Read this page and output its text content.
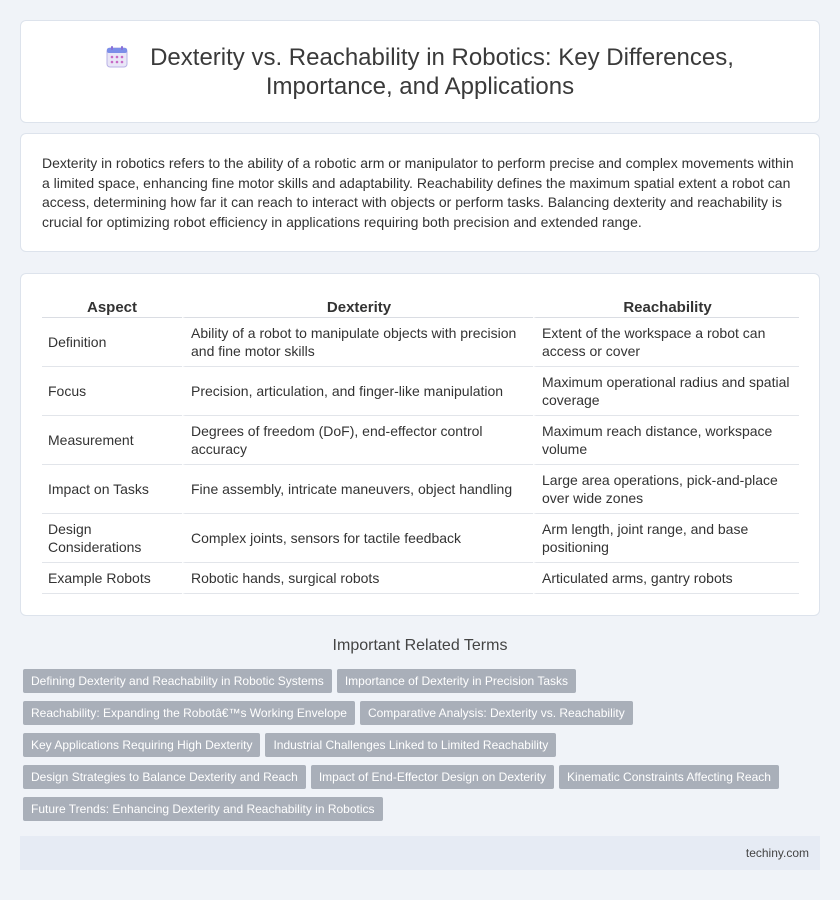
Dexterity vs. Reachability in Robotics: Key Differences,
Importance, and Applications

Dexterity in robotics refers to the ability of a robotic arm or manipulator to perform precise and complex movements within a limited space, enhancing fine motor skills and adaptability. Reachability defines the maximum spatial extent a robot can access, determining how far it can reach to interact with objects or perform tasks. Balancing dexterity and reachability is crucial for optimizing robot efficiency in applications requiring both precision and extended range.

Aspect	Dexterity	Reachability
Definition	Ability of a robot to manipulate objects with precision and fine motor skills	Extent of the workspace a robot can access or cover
Focus	Precision, articulation, and finger-like manipulation	Maximum operational radius and spatial coverage
Measurement	Degrees of freedom (DoF), end-effector control accuracy	Maximum reach distance, workspace volume
Impact on Tasks	Fine assembly, intricate maneuvers, object handling	Large area operations, pick-and-place over wide zones
Design Considerations	Complex joints, sensors for tactile feedback	Arm length, joint range, and base positioning
Example Robots	Robotic hands, surgical robots	Articulated arms, gantry robots
Important Related Terms
Defining Dexterity and Reachability in Robotic Systems Importance of Dexterity in Precision Tasks
Reachability: Expanding the Robotâ€™s Working Envelope Comparative Analysis: Dexterity vs. Reachability
Key Applications Requiring High Dexterity Industrial Challenges Linked to Limited Reachability
Design Strategies to Balance Dexterity and Reach Impact of End-Effector Design on Dexterity Kinematic Constraints Affecting Reach
Future Trends: Enhancing Dexterity and Reachability in Robotics
techiny.com
